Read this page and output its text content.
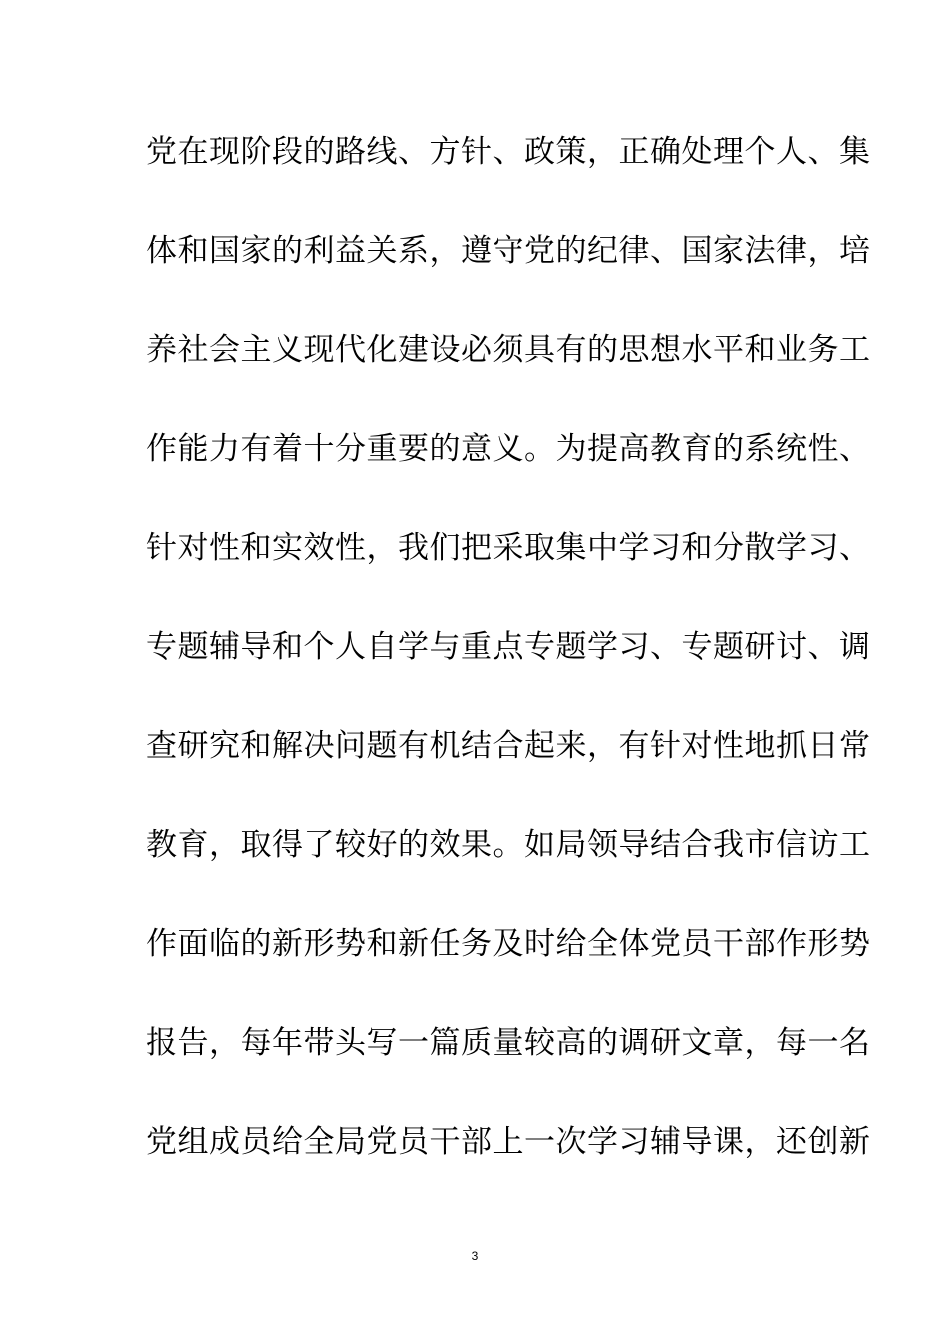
党在现阶段的路线、方针、政策，正确处理个人、集
体和国家的利益关系，遵守党的纪律、国家法律，培
养社会主义现代化建设必须具有的思想水平和业务工
作能力有着十分重要的意义。为提高教育的系统性、
针对性和实效性，我们把采取集中学习和分散学习、
专题辅导和个人自学与重点专题学习、专题研讨、调
查研究和解决问题有机结合起来，有针对性地抓日常
教育，取得了较好的效果。如局领导结合我市信访工
作面临的新形势和新任务及时给全体党员干部作形势
报告，每年带头写一篇质量较高的调研文章，每一名
党组成员给全局党员干部上一次学习辅导课，还创新
3
